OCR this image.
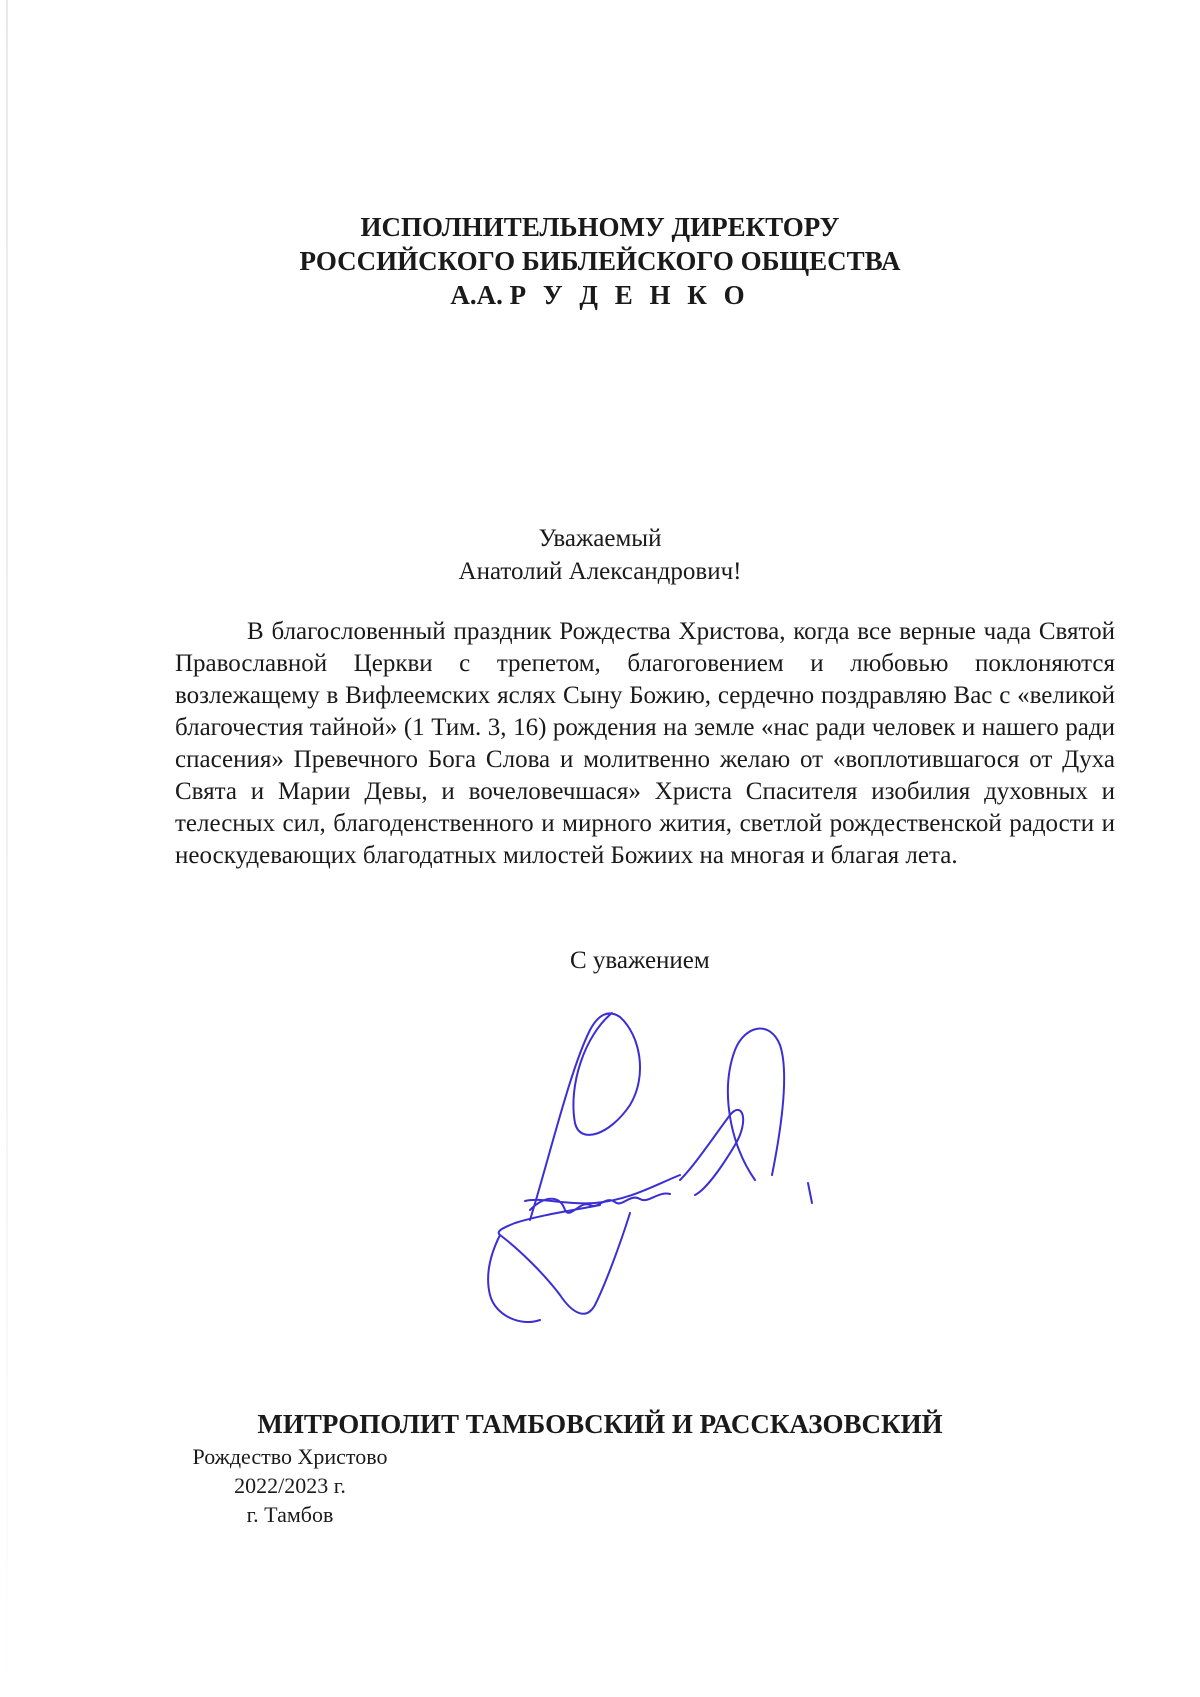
ИСПОЛНИТЕЛЬНОМУ ДИРЕКТОРУ
РОССИЙСКОГО БИБЛЕЙСКОГО ОБЩЕСТВА
А.А. Р У Д Е Н К О
Уважаемый
Анатолий Александрович!

В благословенный праздник Рождества Христова, когда все верные чада Святой Православной Церкви с трепетом, благоговением и любовью поклоняются возлежащему в Вифлеемских яслях Сыну Божию, сердечно поздравляю Вас с «великой благочестия тайной» (1 Тим. 3, 16) рождения на земле «нас ради человек и нашего ради спасения» Превечного Бога Слова и молитвенно желаю от «воплотившагося от Духа Свята и Марии Девы, и вочеловечшася» Христа Спасителя изобилия духовных и телесных сил, благоденственного и мирного жития, светлой рождественской радости и неоскудевающих благодатных милостей Божиих на многая и благая лета.

С уважением
МИТРОПОЛИТ ТАМБОВСКИЙ И РАССКАЗОВСКИЙ
Рождество Христово
2022/2023 г.
г. Тамбов
